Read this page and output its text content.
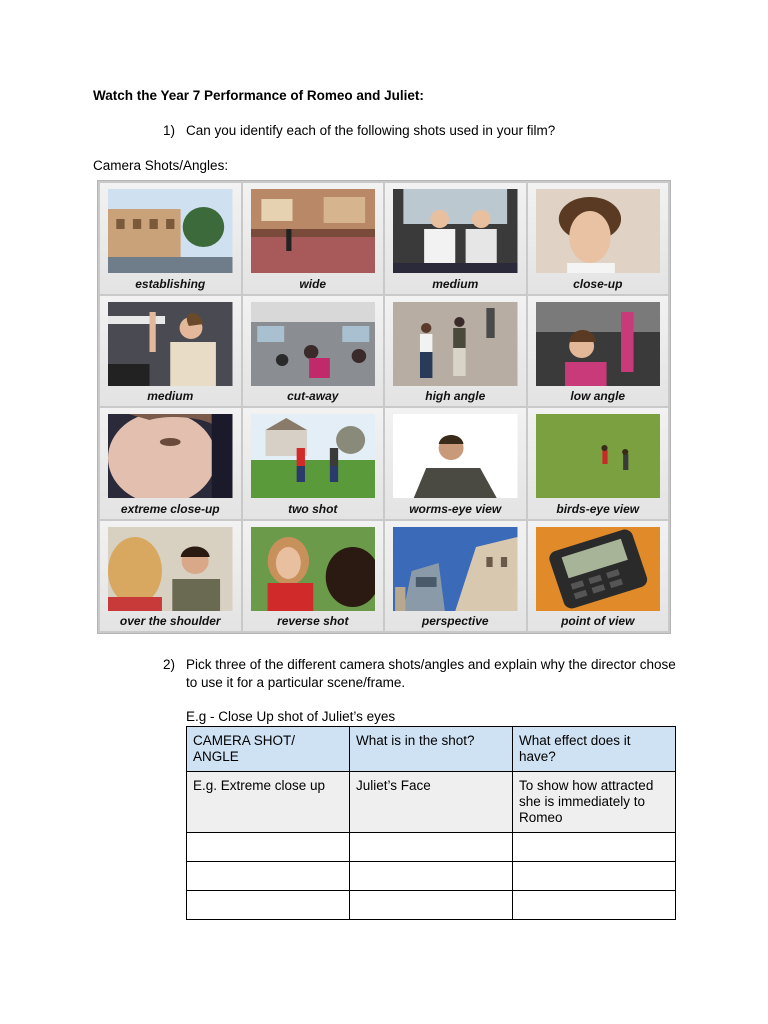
Watch the Year 7 Performance of Romeo and Juliet:
1) Can you identify each of the following shots used in your film?
Camera Shots/Angles:
establishing	wide	medium	close-up
medium	cut-away	high angle	low angle
extreme close-up	two shot	worms-eye view	birds-eye view
over the shoulder	reverse shot	perspective	point of view
2) Pick three of the different camera shots/angles and explain why the director chose to use it for a particular scene/frame.
E.g - Close Up shot of Juliet’s eyes
CAMERA SHOT/ ANGLE	What is in the shot?	What effect does it have?
E.g. Extreme close up	Juliet’s Face	To show how attracted she is immediately to Romeo
